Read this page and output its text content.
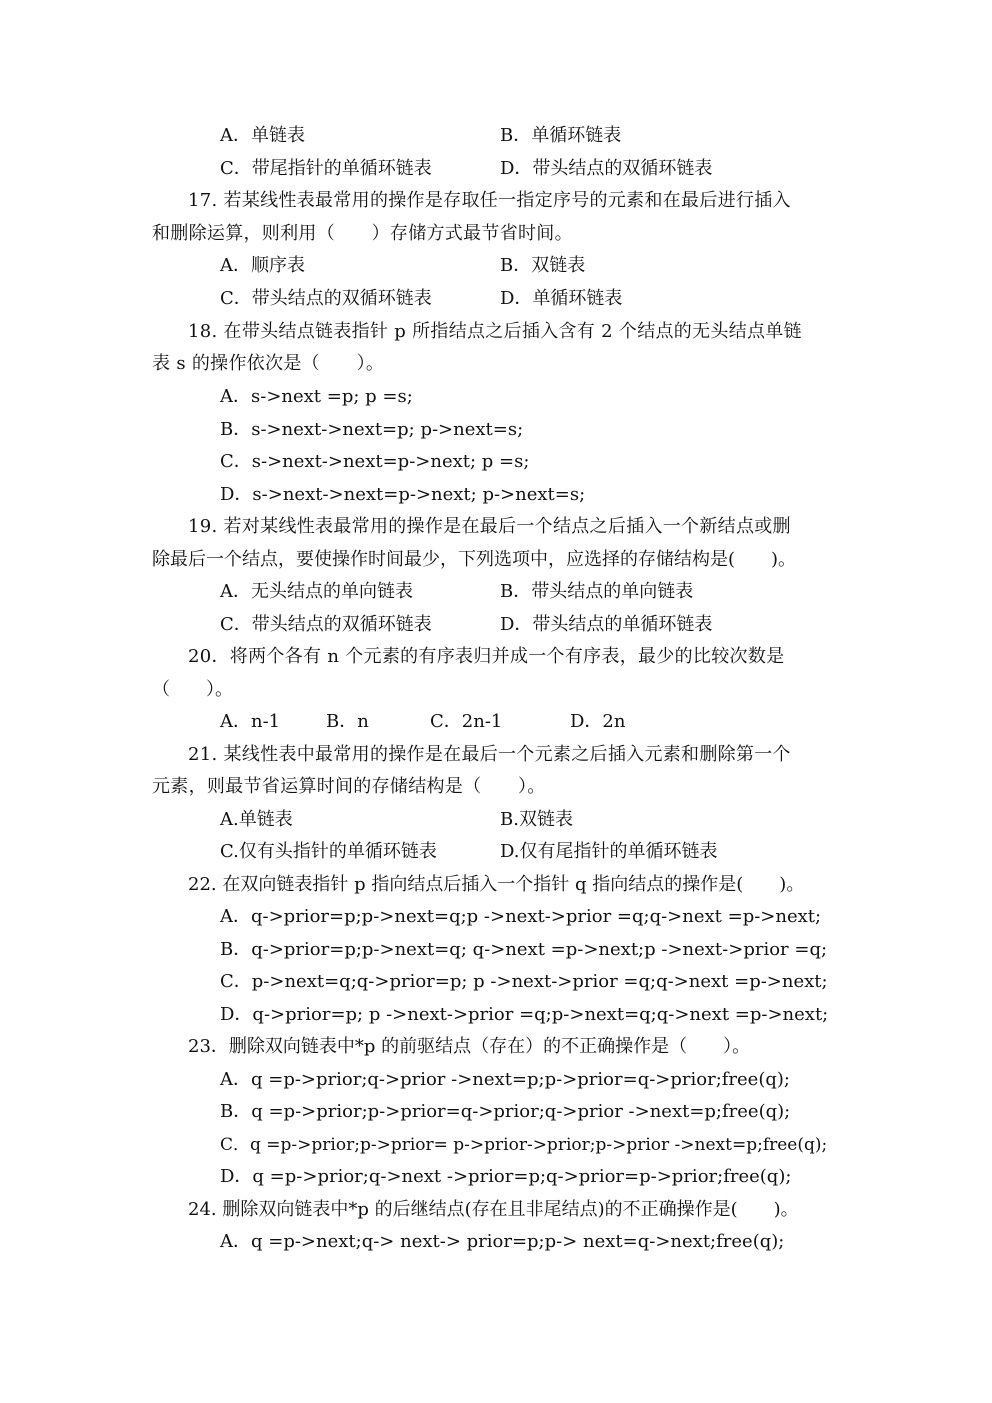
A．单链表	B．单循环链表
C．带尾指针的单循环链表	D．带头结点的双循环链表
17. 若某线性表最常用的操作是存取任一指定序号的元素和在最后进行插入
和删除运算，则利用（　　）存储方式最节省时间。
A．顺序表	B．双链表
C．带头结点的双循环链表	D．单循环链表
18. 在带头结点链表指针 p 所指结点之后插入含有 2 个结点的无头结点单链
表 s 的操作依次是（　　）。
A．s->next =p; p =s;
B．s->next->next=p; p->next=s;
C．s->next->next=p->next; p =s;
D．s->next->next=p->next; p->next=s;
19. 若对某线性表最常用的操作是在最后一个结点之后插入一个新结点或删
除最后一个结点，要使操作时间最少，下列选项中，应选择的存储结构是(　　)。
A．无头结点的单向链表	B．带头结点的单向链表
C．带头结点的双循环链表	D．带头结点的单循环链表
20．将两个各有 n 个元素的有序表归并成一个有序表，最少的比较次数是
（　　）。
A．n-1	B．n	C．2n-1	D．2n
21. 某线性表中最常用的操作是在最后一个元素之后插入元素和删除第一个
元素，则最节省运算时间的存储结构是（　　）。
A.单链表	B.双链表
C.仅有头指针的单循环链表	D.仅有尾指针的单循环链表
22. 在双向链表指针 p 指向结点后插入一个指针 q 指向结点的操作是(　　)。
A．q->prior=p;p->next=q;p ->next->prior =q;q->next =p->next;
B．q->prior=p;p->next=q; q->next =p->next;p ->next->prior =q;
C．p->next=q;q->prior=p; p ->next->prior =q;q->next =p->next;
D．q->prior=p; p ->next->prior =q;p->next=q;q->next =p->next;
23．删除双向链表中*p 的前驱结点（存在）的不正确操作是（　　）。
A．q =p->prior;q->prior ->next=p;p->prior=q->prior;free(q);
B．q =p->prior;p->prior=q->prior;q->prior ->next=p;free(q);
C．q =p->prior;p->prior= p->prior->prior;p->prior ->next=p;free(q);
D．q =p->prior;q->next ->prior=p;q->prior=p->prior;free(q);
24. 删除双向链表中*p 的后继结点(存在且非尾结点)的不正确操作是(　　)。
A．q =p->next;q-> next-> prior=p;p-> next=q->next;free(q);
